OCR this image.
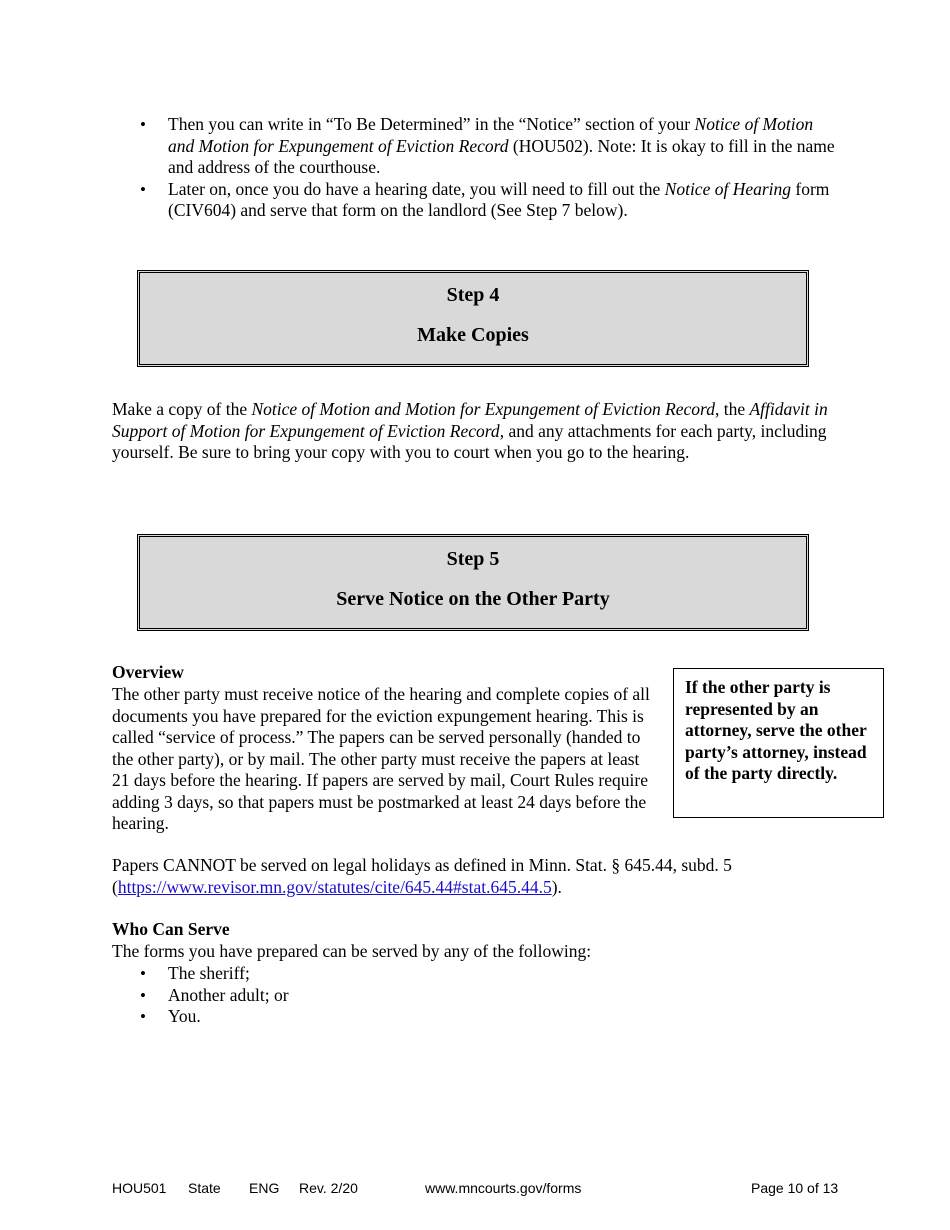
• Then you can write in “To Be Determined” in the “Notice” section of your Notice of Motion and Motion for Expungement of Eviction Record (HOU502). Note: It is okay to fill in the name and address of the courthouse.
• Later on, once you do have a hearing date, you will need to fill out the Notice of Hearing form (CIV604) and serve that form on the landlord (See Step 7 below).
Step 4
Make Copies

Make a copy of the Notice of Motion and Motion for Expungement of Eviction Record, the Affidavit in Support of Motion for Expungement of Eviction Record, and any attachments for each party, including yourself. Be sure to bring your copy with you to court when you go to the hearing.

Step 5
Serve Notice on the Other Party
Overview

The other party must receive notice of the hearing and complete copies of all documents you have prepared for the eviction expungement hearing. This is called “service of process.” The papers can be served personally (handed to the other party), or by mail. The other party must receive the papers at least 21 days before the hearing. If papers are served by mail, Court Rules require adding 3 days, so that papers must be postmarked at least 24 days before the hearing.

If the other party is represented by an attorney, serve the other party’s attorney, instead of the party directly.

Papers CANNOT be served on legal holidays as defined in Minn. Stat. § 645.44, subd. 5
(https://www.revisor.mn.gov/statutes/cite/645.44#stat.645.44.5).

Who Can Serve
The forms you have prepared can be served by any of the following:
• The sheriff;
• Another adult; or
• You.
HOU501 State ENG Rev. 2/20	www.mncourts.gov/forms	Page 10 of 13
